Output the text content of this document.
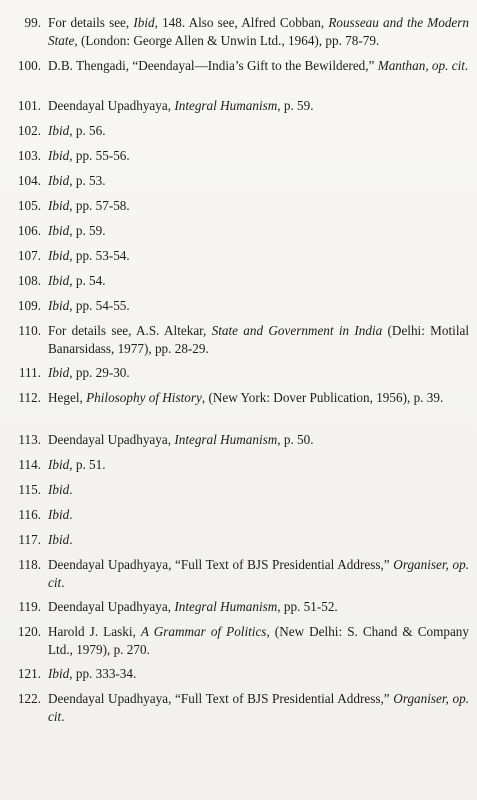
99. For details see, Ibid, 148. Also see, Alfred Cobban, Rousseau and the Modern State, (London: George Allen & Unwin Ltd., 1964), pp. 78-79.
100. D.B. Thengadi, “Deendayal—India’s Gift to the Bewildered,” Manthan, op. cit.
101. Deendayal Upadhyaya, Integral Humanism, p. 59.
102. Ibid, p. 56.
103. Ibid, pp. 55-56.
104. Ibid, p. 53.
105. Ibid, pp. 57-58.
106. Ibid, p. 59.
107. Ibid, pp. 53-54.
108. Ibid, p. 54.
109. Ibid, pp. 54-55.
110. For details see, A.S. Altekar, State and Government in India (Delhi: Motilal Banarsidass, 1977), pp. 28-29.
111. Ibid, pp. 29-30.
112. Hegel, Philosophy of History, (New York: Dover Publication, 1956), p. 39.
113. Deendayal Upadhyaya, Integral Humanism, p. 50.
114. Ibid, p. 51.
115. Ibid.
116. Ibid.
117. Ibid.
118. Deendayal Upadhyaya, “Full Text of BJS Presidential Address,” Organiser, op. cit.
119. Deendayal Upadhyaya, Integral Humanism, pp. 51-52.
120. Harold J. Laski, A Grammar of Politics, (New Delhi: S. Chand & Company Ltd., 1979), p. 270.
121. Ibid, pp. 333-34.
122. Deendayal Upadhyaya, “Full Text of BJS Presidential Address,” Organiser, op. cit.
